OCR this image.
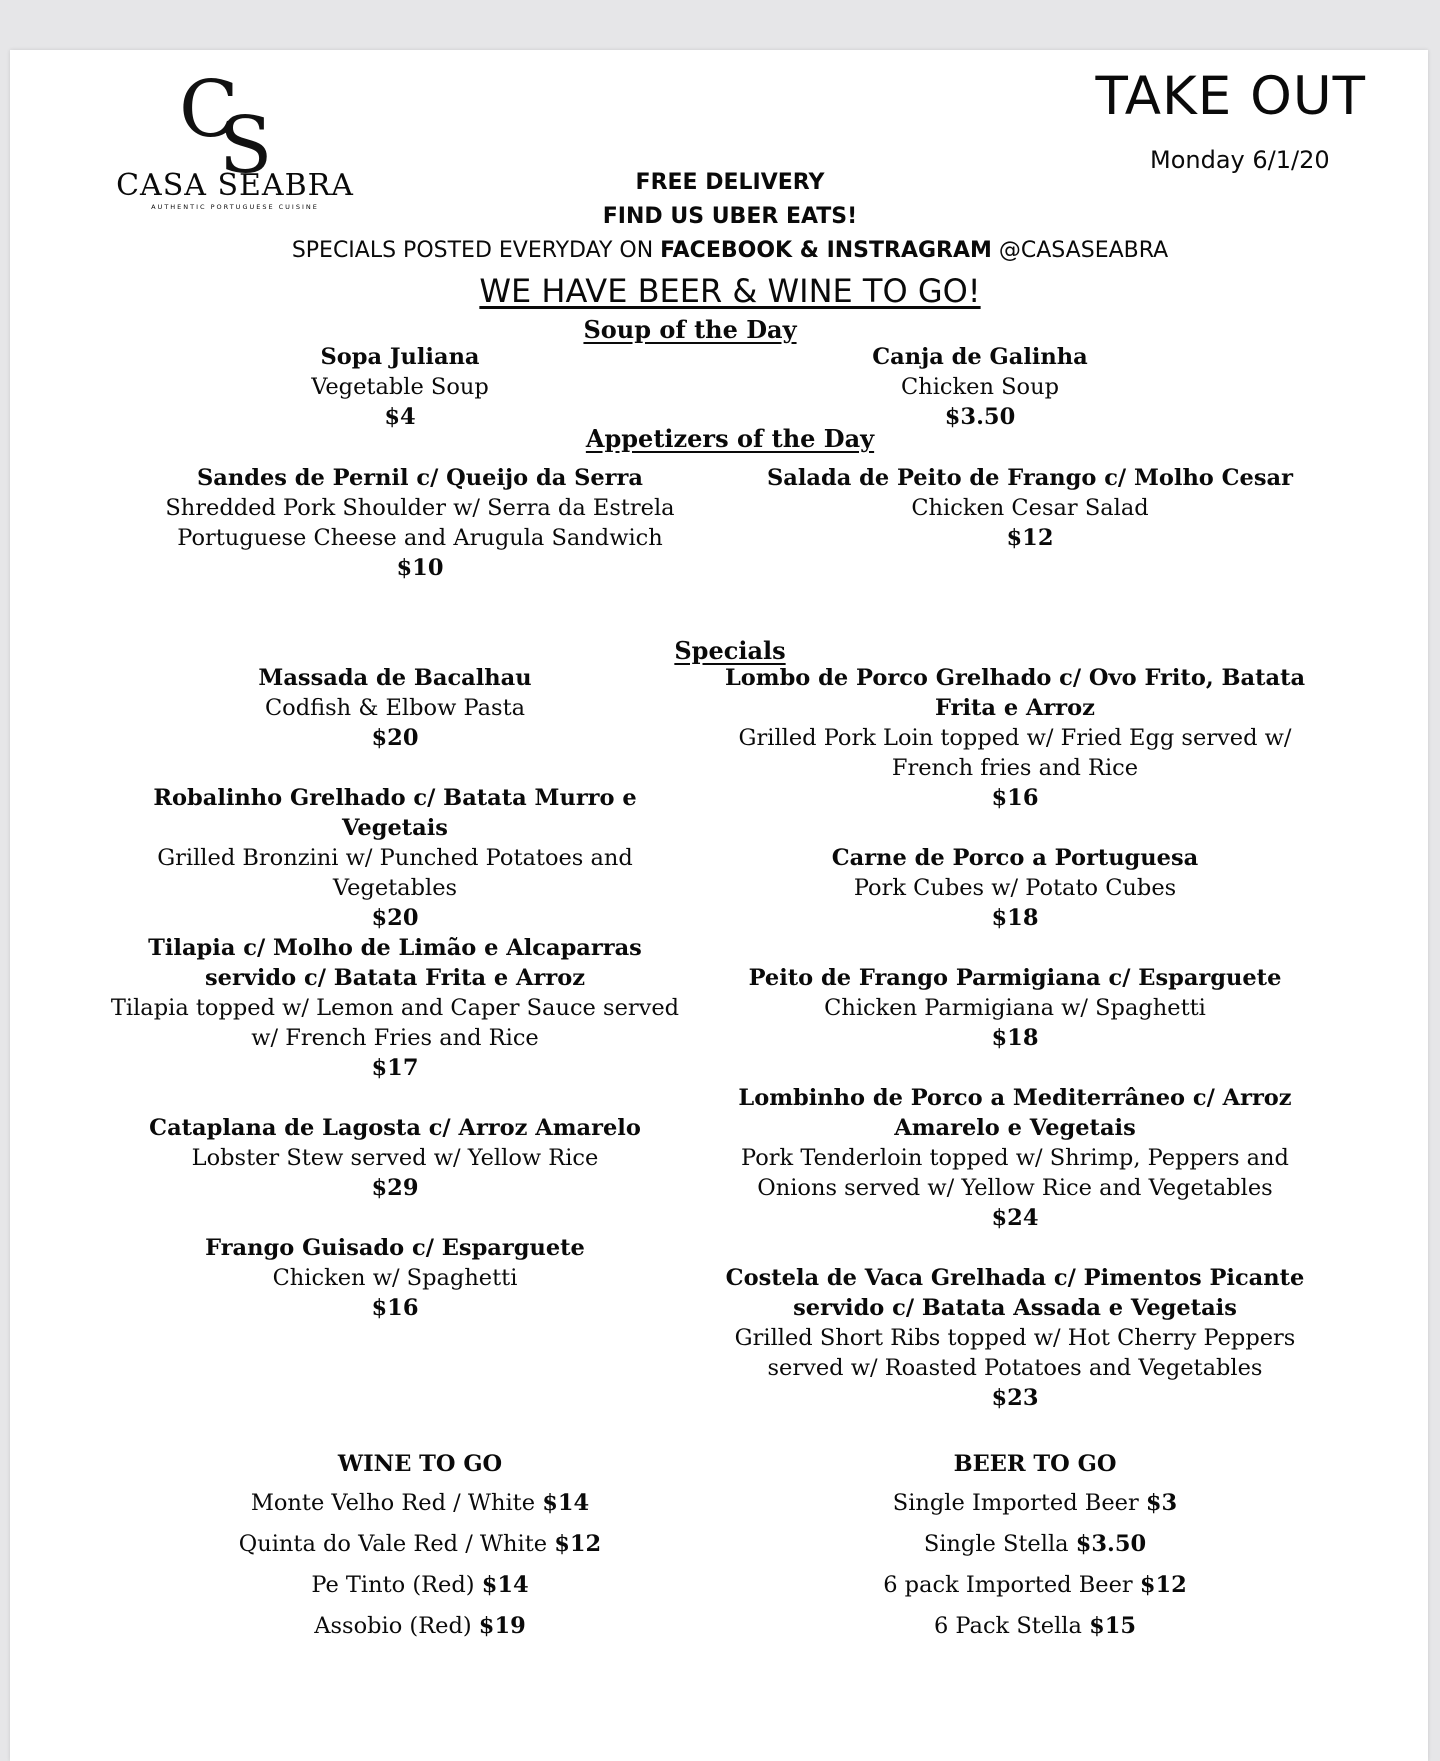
C
S
CASA SEABRA
AUTHENTIC PORTUGUESE CUISINE
TAKE OUT
Monday 6/1/20
FREE DELIVERY
FIND US UBER EATS!
SPECIALS POSTED EVERYDAY ON FACEBOOK & INSTRAGRAM @CASASEABRA
WE HAVE BEER & WINE TO GO!
Soup of the Day
Sopa Juliana
Vegetable Soup
$4
Canja de Galinha
Chicken Soup
$3.50
Appetizers of the Day
Sandes de Pernil c/ Queijo da Serra
Shredded Pork Shoulder w/ Serra da Estrela Portuguese Cheese and Arugula Sandwich
$10
Salada de Peito de Frango c/ Molho Cesar
Chicken Cesar Salad
$12
Specials
Massada de Bacalhau
Codfish & Elbow Pasta
$20
Robalinho Grelhado c/ Batata Murro e Vegetais
Grilled Bronzini w/ Punched Potatoes and Vegetables
$20
Tilapia c/ Molho de Limão e Alcaparras servido c/ Batata Frita e Arroz
Tilapia topped w/ Lemon and Caper Sauce served w/ French Fries and Rice
$17
Cataplana de Lagosta c/ Arroz Amarelo
Lobster Stew served w/ Yellow Rice
$29
Frango Guisado c/ Esparguete
Chicken w/ Spaghetti
$16
Lombo de Porco Grelhado c/ Ovo Frito, Batata Frita e Arroz
Grilled Pork Loin topped w/ Fried Egg served w/ French fries and Rice
$16
Carne de Porco a Portuguesa
Pork Cubes w/ Potato Cubes
$18
Peito de Frango Parmigiana c/ Esparguete
Chicken Parmigiana w/ Spaghetti
$18
Lombinho de Porco a Mediterrâneo c/ Arroz Amarelo e Vegetais
Pork Tenderloin topped w/ Shrimp, Peppers and Onions served w/ Yellow Rice and Vegetables
$24
Costela de Vaca Grelhada c/ Pimentos Picante servido c/ Batata Assada e Vegetais
Grilled Short Ribs topped w/ Hot Cherry Peppers served w/ Roasted Potatoes and Vegetables
$23
WINE TO GO
Monte Velho Red / White $14
Quinta do Vale Red / White $12
Pe Tinto (Red) $14
Assobio (Red) $19
BEER TO GO
Single Imported Beer $3
Single Stella $3.50
6 pack Imported Beer $12
6 Pack Stella $15
